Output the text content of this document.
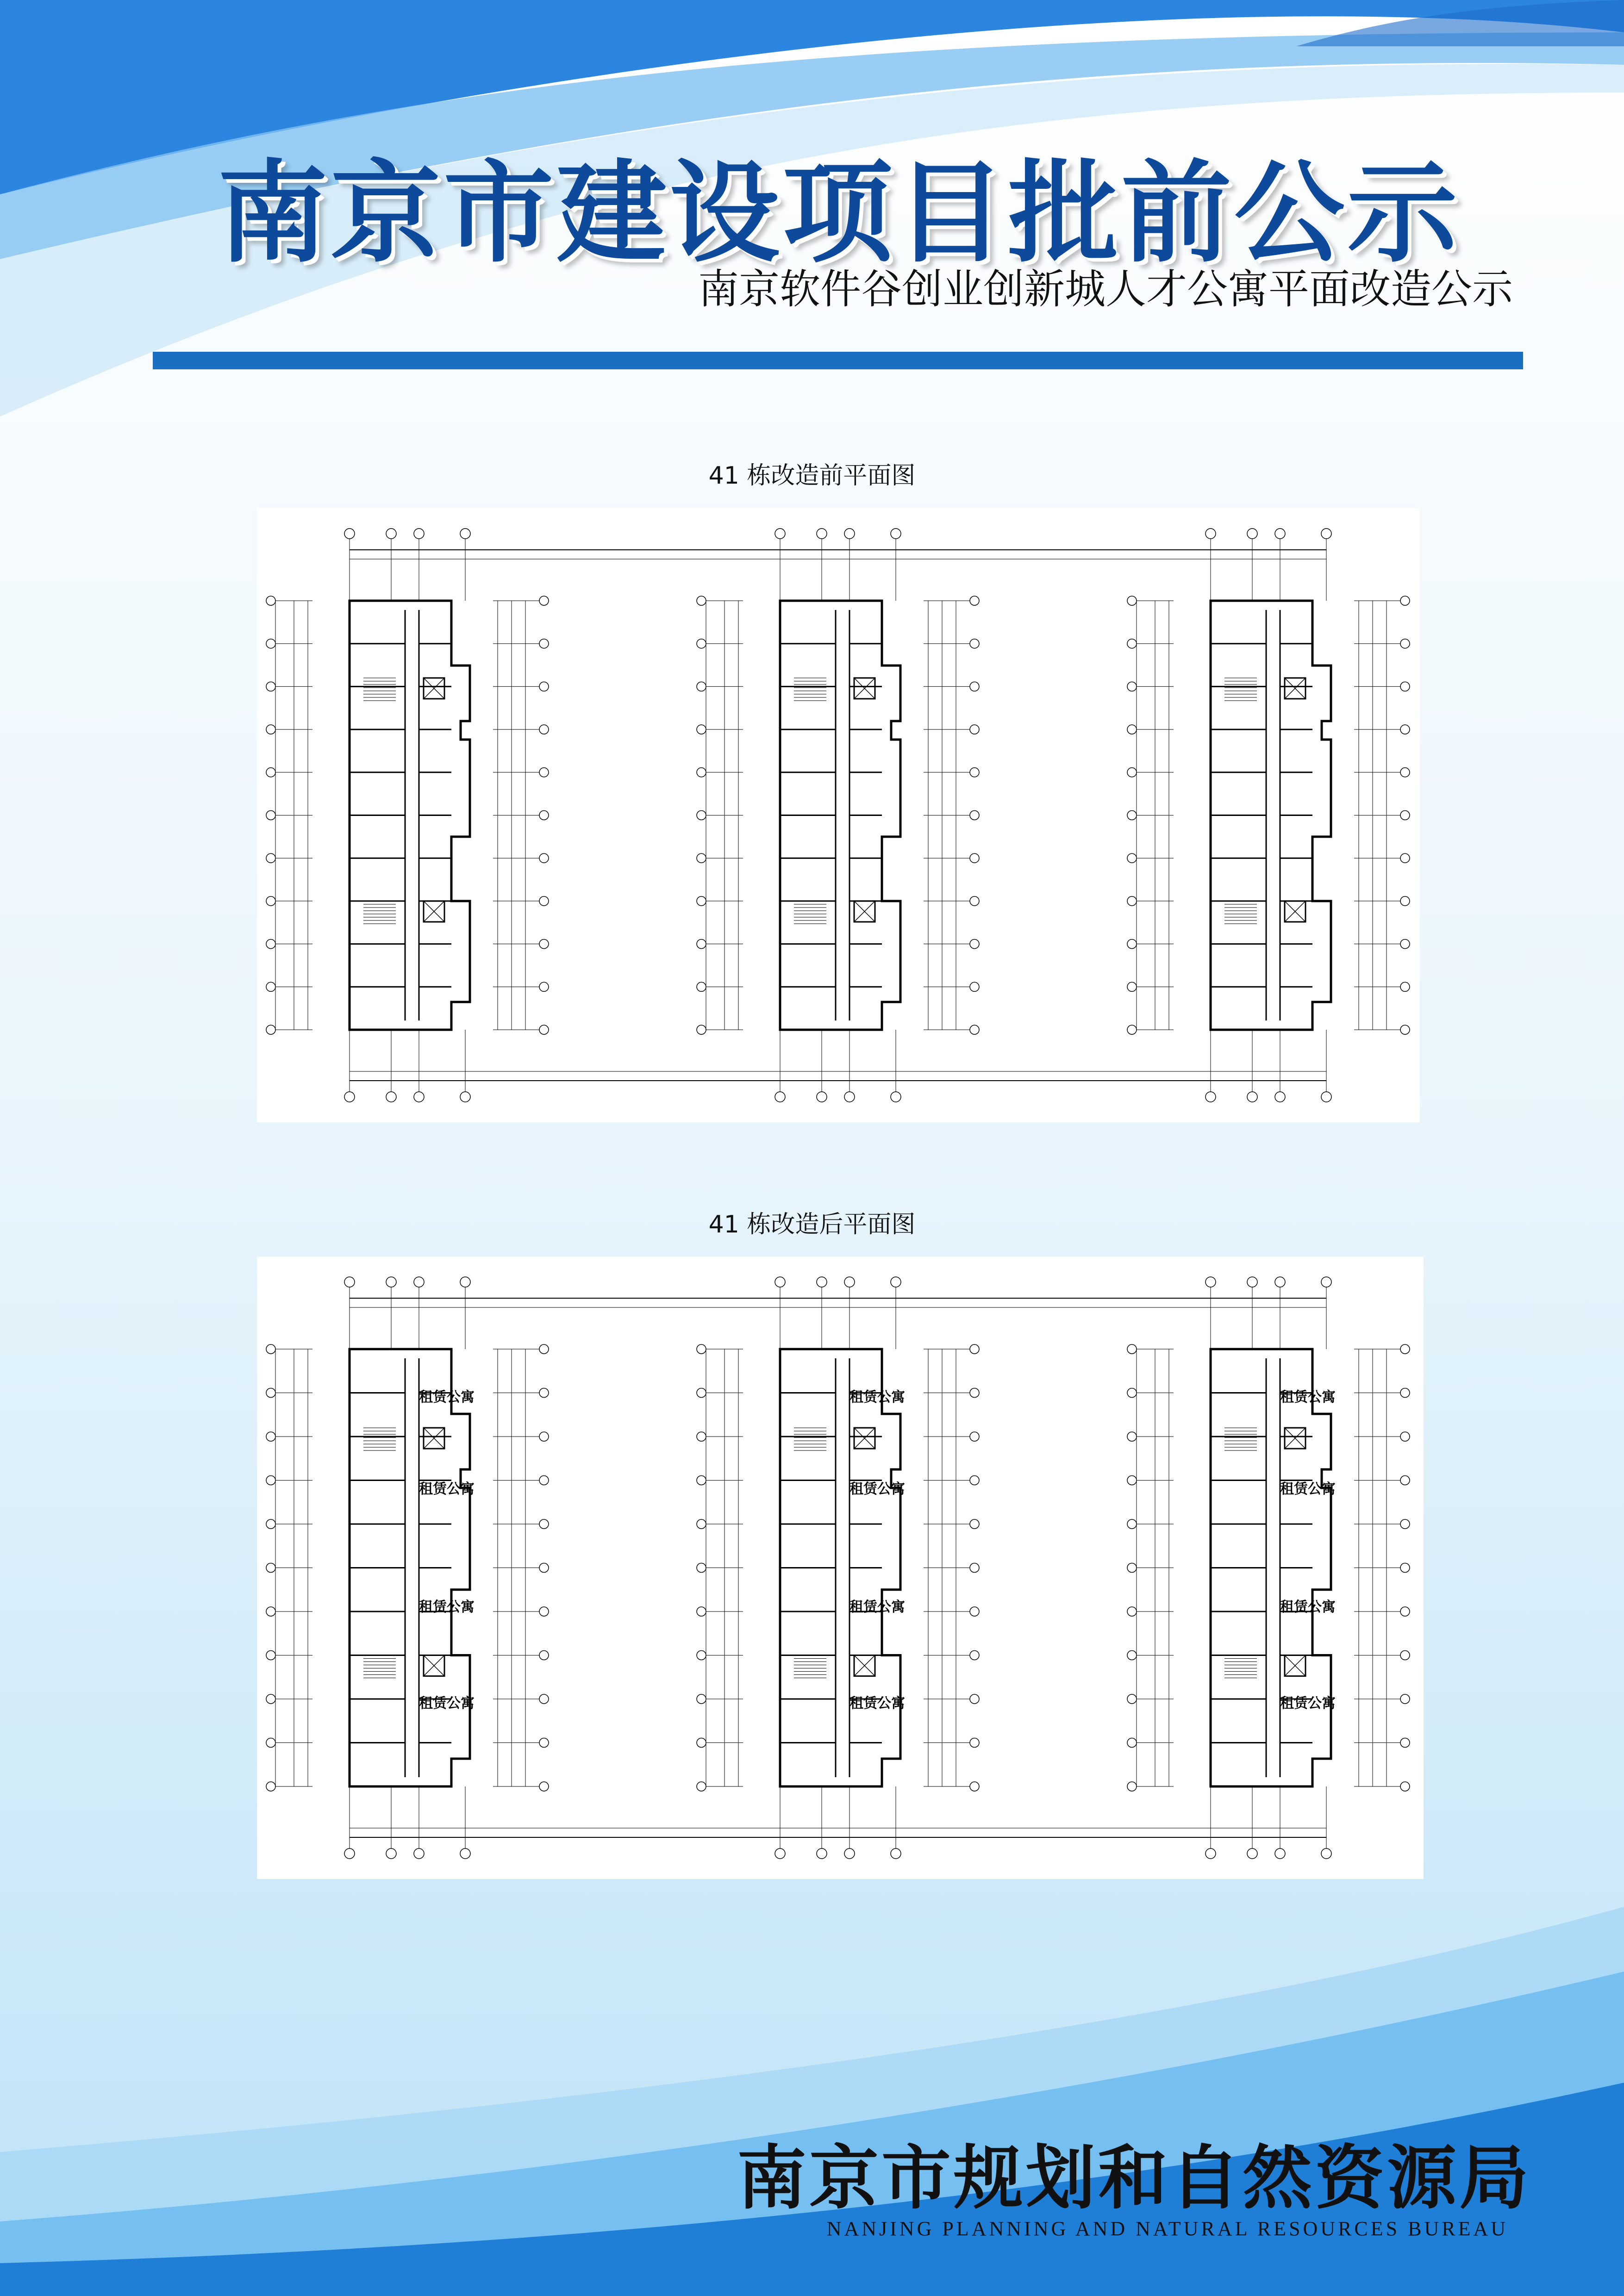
南京市建设项目批前公示
南京软件谷创业创新城人才公寓平面改造公示
41 栋改造前平面图
41 栋改造后平面图
租赁公寓
租赁公寓
租赁公寓
租赁公寓
租赁公寓
租赁公寓
租赁公寓
租赁公寓
租赁公寓
租赁公寓
租赁公寓
租赁公寓
南京市规划和自然资源局
NANJING PLANNING AND NATURAL RESOURCES BUREAU
